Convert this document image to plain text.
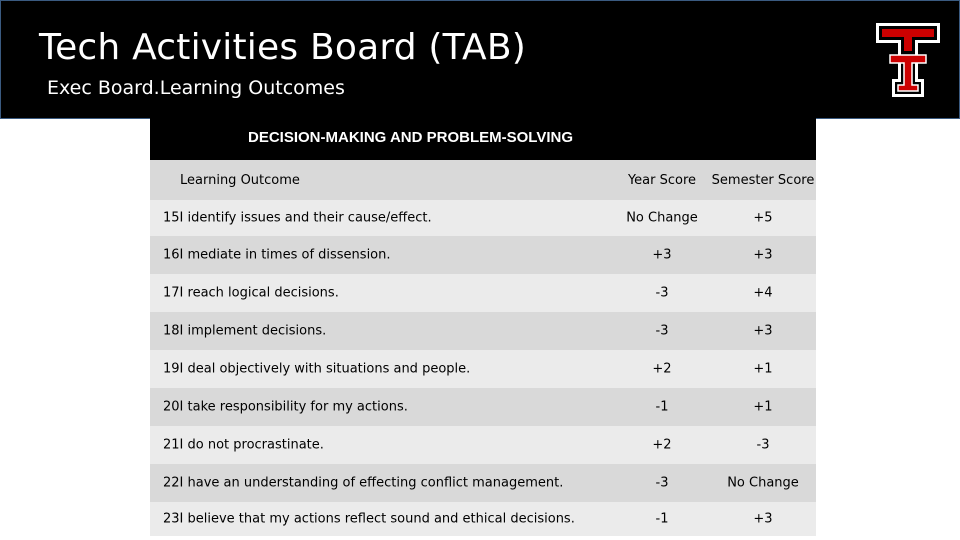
Tech Activities Board (TAB)
Exec Board.Learning Outcomes
DECISION-MAKING AND PROBLEM-SOLVING
Learning Outcome	Year Score	Semester Score
15I identify issues and their cause/effect.	No Change	+5
16I mediate in times of dissension.	+3	+3
17I reach logical decisions.	-3	+4
18I implement decisions.	-3	+3
19I deal objectively with situations and people.	+2	+1
20I take responsibility for my actions.	-1	+1
21I do not procrastinate.	+2	-3
22I have an understanding of effecting conflict management.	-3	No Change
23I believe that my actions reflect sound and ethical decisions.	-1	+3
